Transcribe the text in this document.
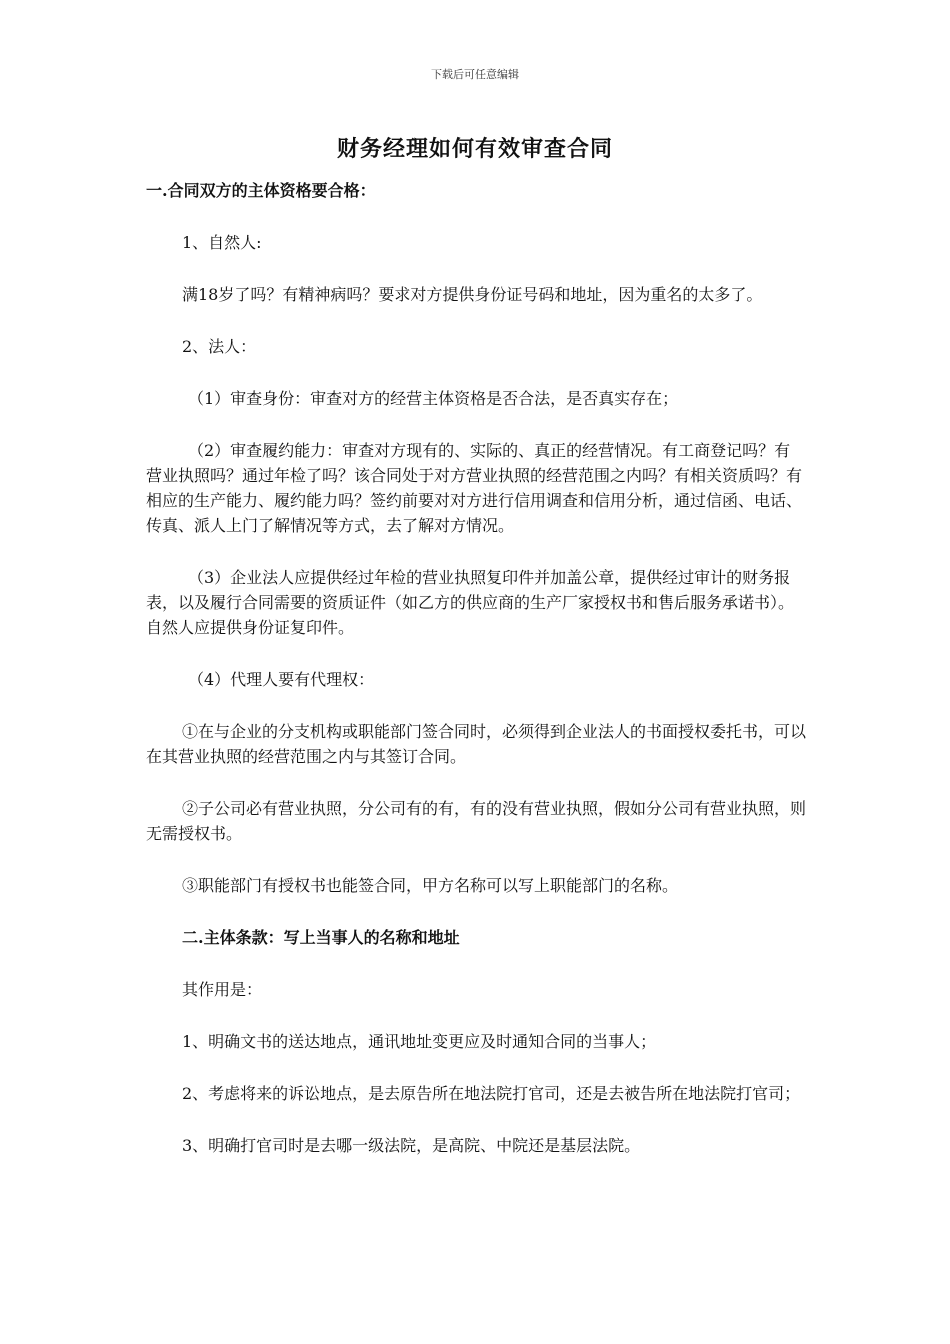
下载后可任意编辑
财务经理如何有效审查合同

一.合同双方的主体资格要合格：

1、自然人:

满18岁了吗？有精神病吗？要求对方提供身份证号码和地址，因为重名的太多了。

2、法人：

（1）审查身份：审查对方的经营主体资格是否合法，是否真实存在；

（2）审查履约能力：审查对方现有的、实际的、真正的经营情况。有工商登记吗？有营业执照吗？通过年检了吗？该合同处于对方营业执照的经营范围之内吗？有相关资质吗？有相应的生产能力、履约能力吗？签约前要对对方进行信用调查和信用分析，通过信函、电话、传真、派人上门了解情况等方式，去了解对方情况。

（3）企业法人应提供经过年检的营业执照复印件并加盖公章，提供经过审计的财务报表，以及履行合同需要的资质证件（如乙方的供应商的生产厂家授权书和售后服务承诺书）。自然人应提供身份证复印件。

（4）代理人要有代理权：

①在与企业的分支机构或职能部门签合同时，必须得到企业法人的书面授权委托书，可以在其营业执照的经营范围之内与其签订合同。

②子公司必有营业执照，分公司有的有，有的没有营业执照，假如分公司有营业执照，则无需授权书。

③职能部门有授权书也能签合同，甲方名称可以写上职能部门的名称。

二.主体条款：写上当事人的名称和地址

其作用是：

1、明确文书的送达地点，通讯地址变更应及时通知合同的当事人；

2、考虑将来的诉讼地点，是去原告所在地法院打官司，还是去被告所在地法院打官司；

3、明确打官司时是去哪一级法院，是高院、中院还是基层法院。
